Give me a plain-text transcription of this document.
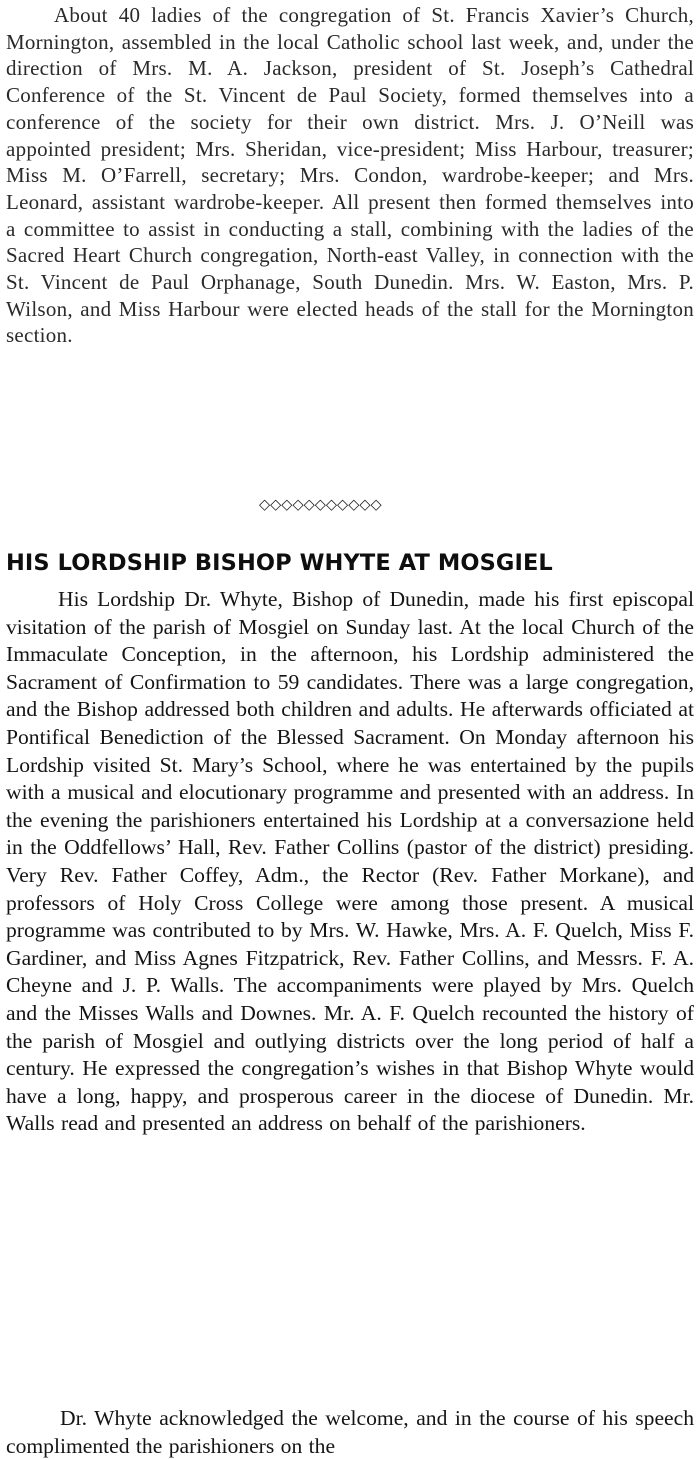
About 40 ladies of the congregation of St. Francis Xavier’s Church, Mornington, assembled in the local Catholic school last week, and, under the direction of Mrs. M. A. Jackson, president of St. Joseph’s Cathedral Conference of the St. Vincent de Paul Society, formed themselves into a conference of the society for their own district. Mrs. J. O’Neill was appointed president; Mrs. Sheridan, vice-president; Miss Harbour, treasurer; Miss M. O’Farrell, secretary; Mrs. Condon, wardrobe-keeper; and Mrs. Leonard, assistant wardrobe-keeper. All present then formed themselves into a committee to assist in conducting a stall, combining with the ladies of the Sacred Heart Church congregation, North-east Valley, in connection with the St. Vincent de Paul Orphanage, South Dunedin. Mrs. W. Easton, Mrs. P. Wilson, and Miss Harbour were elected heads of the stall for the Mornington section.

◇◇◇◇◇◇◇◇◇◇◇
HIS LORDSHIP BISHOP WHYTE AT MOSGIEL

His Lordship Dr. Whyte, Bishop of Dunedin, made his first episcopal visitation of the parish of Mosgiel on Sunday last. At the local Church of the Immaculate Conception, in the afternoon, his Lordship administered the Sacrament of Confirmation to 59 candidates. There was a large congregation, and the Bishop addressed both children and adults. He afterwards officiated at Pontifical Benediction of the Blessed Sacrament. On Monday afternoon his Lordship visited St. Mary’s School, where he was entertained by the pupils with a musical and elocutionary programme and presented with an address. In the evening the parishioners entertained his Lordship at a conversazione held in the Oddfellows’ Hall, Rev. Father Collins (pastor of the district) presiding. Very Rev. Father Coffey, Adm., the Rector (Rev. Father Morkane), and professors of Holy Cross College were among those present. A musical programme was contributed to by Mrs. W. Hawke, Mrs. A. F. Quelch, Miss F. Gardiner, and Miss Agnes Fitzpatrick, Rev. Father Collins, and Messrs. F. A. Cheyne and J. P. Walls. The accompaniments were played by Mrs. Quelch and the Misses Walls and Downes. Mr. A. F. Quelch recounted the history of the parish of Mosgiel and outlying districts over the long period of half a century. He expressed the congregation’s wishes in that Bishop Whyte would have a long, happy, and prosperous career in the diocese of Dunedin. Mr. Walls read and presented an address on behalf of the parishioners.

Dr. Whyte acknowledged the welcome, and in the course of his speech complimented the parishioners on the
